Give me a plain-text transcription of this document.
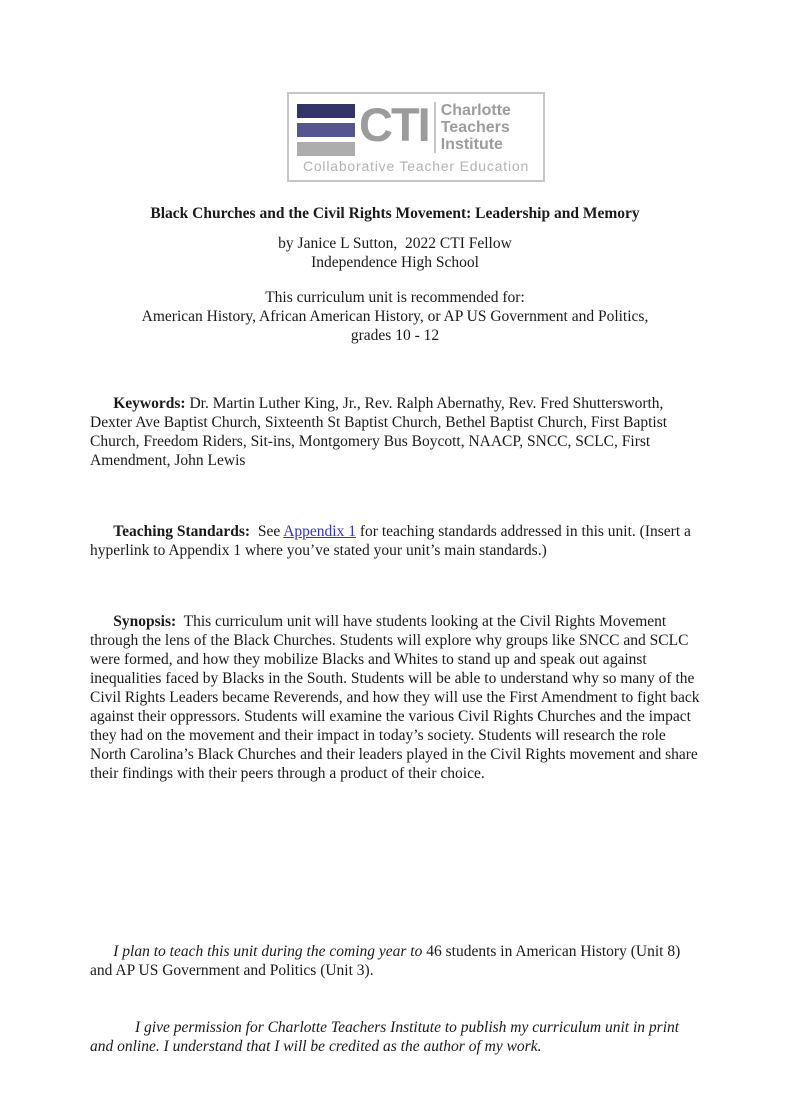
CTI Charlotte
Teachers
Institute
Collaborative Teacher Education
Black Churches and the Civil Rights Movement: Leadership and Memory
by Janice L Sutton,  2022 CTI Fellow
Independence High School
This curriculum unit is recommended for:
American History, African American History, or AP US Government and Politics,
grades 10 - 12

Keywords: Dr. Martin Luther King, Jr., Rev. Ralph Abernathy, Rev. Fred Shuttersworth, Dexter Ave Baptist Church, Sixteenth St Baptist Church, Bethel Baptist Church, First Baptist Church, Freedom Riders, Sit-ins, Montgomery Bus Boycott, NAACP, SNCC, SCLC, First Amendment, John Lewis

Teaching Standards:  See Appendix 1 for teaching standards addressed in this unit. (Insert a hyperlink to Appendix 1 where you’ve stated your unit’s main standards.)

Synopsis:  This curriculum unit will have students looking at the Civil Rights Movement through the lens of the Black Churches. Students will explore why groups like SNCC and SCLC were formed, and how they mobilize Blacks and Whites to stand up and speak out against inequalities faced by Blacks in the South. Students will be able to understand why so many of the Civil Rights Leaders became Reverends, and how they will use the First Amendment to fight back against their oppressors. Students will examine the various Civil Rights Churches and the impact they had on the movement and their impact in today’s society. Students will research the role North Carolina’s Black Churches and their leaders played in the Civil Rights movement and share their findings with their peers through a product of their choice.

I plan to teach this unit during the coming year to 46 students in American History (Unit 8) and AP US Government and Politics (Unit 3).

I give permission for Charlotte Teachers Institute to publish my curriculum unit in print and online. I understand that I will be credited as the author of my work.
